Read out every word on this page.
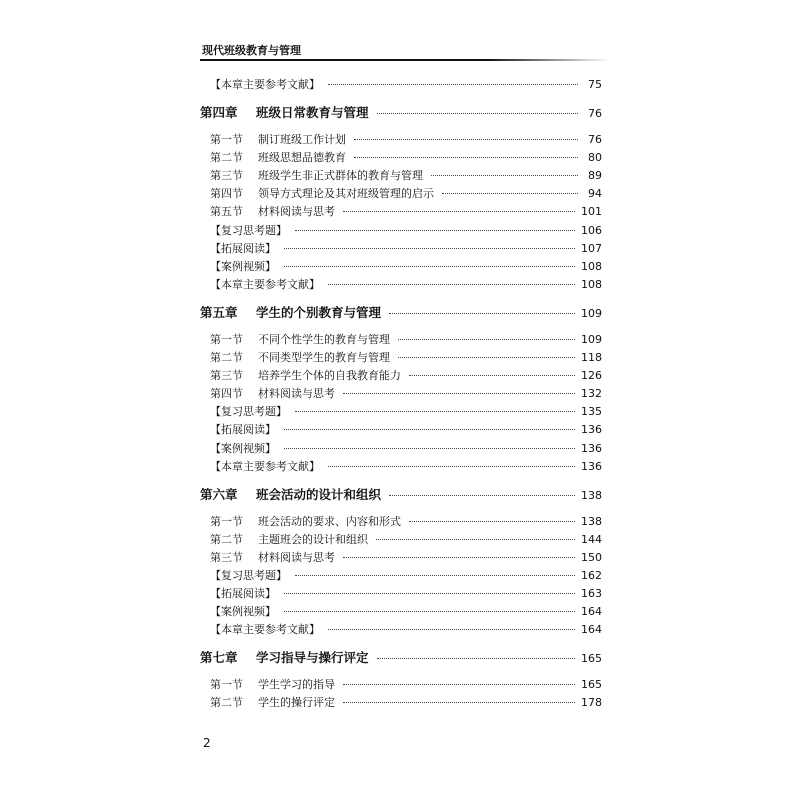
现代班级教育与管理
【本章主要参考文献】	75
第四章	班级日常教育与管理	76
第一节	制订班级工作计划	76
第二节	班级思想品德教育	80
第三节	班级学生非正式群体的教育与管理	89
第四节	领导方式理论及其对班级管理的启示	94
第五节	材料阅读与思考	101
【复习思考题】	106
【拓展阅读】	107
【案例视频】	108
【本章主要参考文献】	108
第五章	学生的个别教育与管理	109
第一节	不同个性学生的教育与管理	109
第二节	不同类型学生的教育与管理	118
第三节	培养学生个体的自我教育能力	126
第四节	材料阅读与思考	132
【复习思考题】	135
【拓展阅读】	136
【案例视频】	136
【本章主要参考文献】	136
第六章	班会活动的设计和组织	138
第一节	班会活动的要求、内容和形式	138
第二节	主题班会的设计和组织	144
第三节	材料阅读与思考	150
【复习思考题】	162
【拓展阅读】	163
【案例视频】	164
【本章主要参考文献】	164
第七章	学习指导与操行评定	165
第一节	学生学习的指导	165
第二节	学生的操行评定	178
2
